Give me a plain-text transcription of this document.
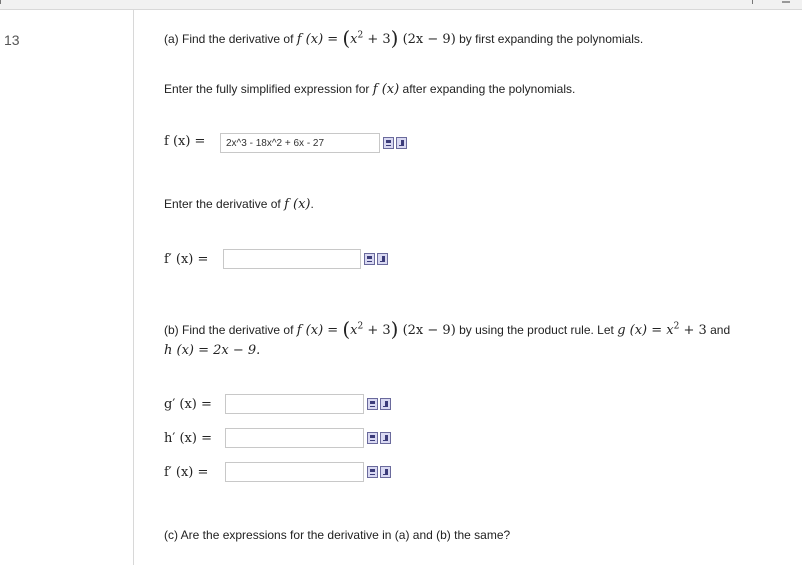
13	(a) Find the derivative of f $(x) = (x^2 + 3) (2x - 9)$ by first expanding the polynomials.
Enter the fully simplified expression for f (x) after expanding the polynomials.
f (x) =
2x^3 - 18x^2 + 6x - 27
Enter the derivative of f (x).
f′ (x) =
(b) Find the derivative of f $(x) = (x^2 + 3) (2x - 9)$ by using the product rule. Let g $(x) = x^2 + 3$ and
h (x) = 2x − 9.
g′ (x) =
h′ (x) =
f′ (x) =
(c) Are the expressions for the derivative in (a) and (b) the same?
